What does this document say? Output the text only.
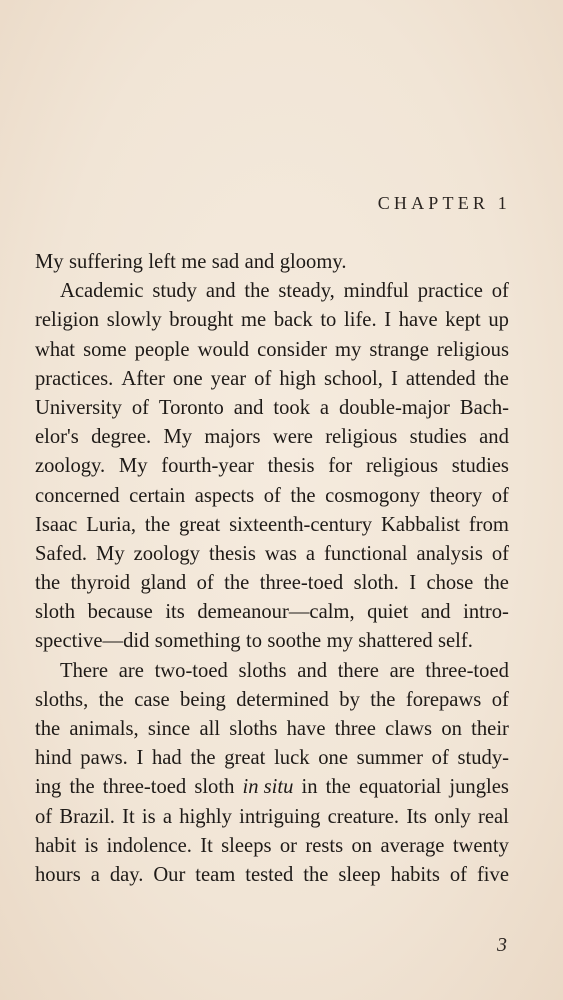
CHAPTER 1
My suffering left me sad and gloomy.
Academic study and the steady, mindful practice of
religion slowly brought me back to life. I have kept up
what some people would consider my strange religious
practices. After one year of high school, I attended the
University of Toronto and took a double-major Bach-
elor's degree. My majors were religious studies and
zoology. My fourth-year thesis for religious studies
concerned certain aspects of the cosmogony theory of
Isaac Luria, the great sixteenth-century Kabbalist from
Safed. My zoology thesis was a functional analysis of
the thyroid gland of the three-toed sloth. I chose the
sloth because its demeanour—calm, quiet and intro-
spective—did something to soothe my shattered self.
There are two-toed sloths and there are three-toed
sloths, the case being determined by the forepaws of
the animals, since all sloths have three claws on their
hind paws. I had the great luck one summer of study-
ing the three-toed sloth in situ in the equatorial jungles
of Brazil. It is a highly intriguing creature. Its only real
habit is indolence. It sleeps or rests on average twenty
hours a day. Our team tested the sleep habits of five
3
